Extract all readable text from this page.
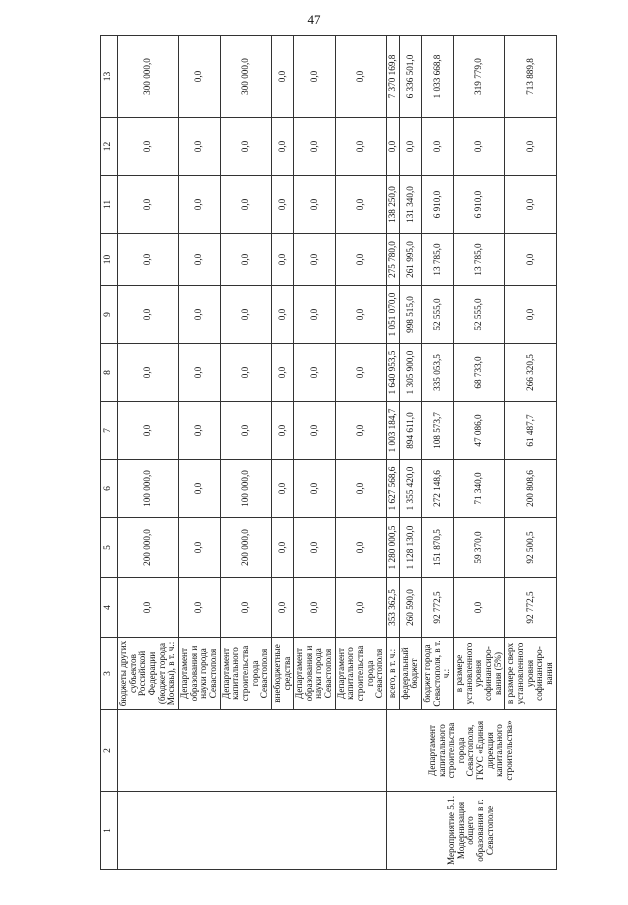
47
1	2	3	4	5	6	7	8	9	10	11	12	13
		бюджеты других субъектов Российской Федерации (бюджет города Москвы), в т. ч.:	0,0	200 000,0	100 000,0	0,0	0,0	0,0	0,0	0,0	0,0	300 000,0
		Департамент образования и науки города Севастополя	0,0	0,0	0,0	0,0	0,0	0,0	0,0	0,0	0,0	0,0
		Департамент капитального строительства города Севастополя	0,0	200 000,0	100 000,0	0,0	0,0	0,0	0,0	0,0	0,0	300 000,0
		внебюджетные средства	0,0	0,0	0,0	0,0	0,0	0,0	0,0	0,0	0,0	0,0
		Департамент образования и науки города Севастополя	0,0	0,0	0,0	0,0	0,0	0,0	0,0	0,0	0,0	0,0
		Департамент капитального строительства города Севастополя	0,0	0,0	0,0	0,0	0,0	0,0	0,0	0,0	0,0	0,0
Мероприятие 5.1. Модернизация общего образования в г. Севастополе	Департамент капитального строительства города Севастополя, ГКУС «Единая дирекция капитального строительства»	всего, в т. ч.:	353 362,5	1 280 000,5	1 627 568,6	1 003 184,7	1 640 953,5	1 051 070,0	275 780,0	138 250,0	0,0	7 370 169,8
		федеральный бюджет	260 590,0	1 128 130,0	1 355 420,0	894 611,0	1 305 900,0	998 515,0	261 995,0	131 340,0	0,0	6 336 501,0
		бюджет города Севастополя, в т. ч.:	92 772,5	151 870,5	272 148,6	108 573,7	335 053,5	52 555,0	13 785,0	6 910,0	0,0	1 033 668,8
		в размере установленного уровня софинансиро-вания (5%)	0,0	59 370,0	71 340,0	47 086,0	68 733,0	52 555,0	13 785,0	6 910,0	0,0	319 779,0
		в размере сверх установленного уровня софинансиро-вания	92 772,5	92 500,5	200 808,6	61 487,7	266 320,5	0,0	0,0	0,0	0,0	713 889,8
